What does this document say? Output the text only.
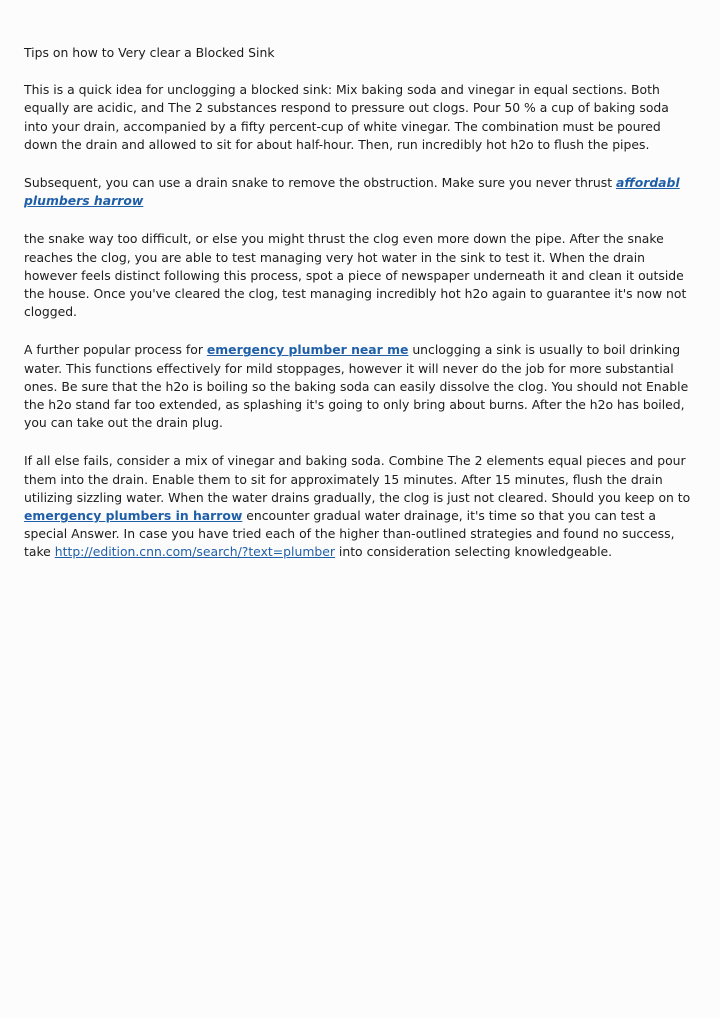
Tips on how to Very clear a Blocked Sink

This is a quick idea for unclogging a blocked sink: Mix baking soda and vinegar in equal sections. Both equally are acidic, and The 2 substances respond to pressure out clogs. Pour 50 % a cup of baking soda into your drain, accompanied by a fifty percent-cup of white vinegar. The combination must be poured down the drain and allowed to sit for about half-hour. Then, run incredibly hot h2o to flush the pipes.

Subsequent, you can use a drain snake to remove the obstruction. Make sure you never thrust affordabl plumbers harrow

the snake way too difficult, or else you might thrust the clog even more down the pipe. After the snake reaches the clog, you are able to test managing very hot water in the sink to test it. When the drain however feels distinct following this process, spot a piece of newspaper underneath it and clean it outside the house. Once you've cleared the clog, test managing incredibly hot h2o again to guarantee it's now not clogged.

A further popular process for emergency plumber near me unclogging a sink is usually to boil drinking water. This functions effectively for mild stoppages, however it will never do the job for more substantial ones. Be sure that the h2o is boiling so the baking soda can easily dissolve the clog. You should not Enable the h2o stand far too extended, as splashing it's going to only bring about burns. After the h2o has boiled, you can take out the drain plug.

If all else fails, consider a mix of vinegar and baking soda. Combine The 2 elements equal pieces and pour them into the drain. Enable them to sit for approximately 15 minutes. After 15 minutes, flush the drain utilizing sizzling water. When the water drains gradually, the clog is just not cleared. Should you keep on to emergency plumbers in harrow encounter gradual water drainage, it's time so that you can test a special Answer. In case you have tried each of the higher than-outlined strategies and found no success, take http://edition.cnn.com/search/?text=plumber into consideration selecting knowledgeable.
